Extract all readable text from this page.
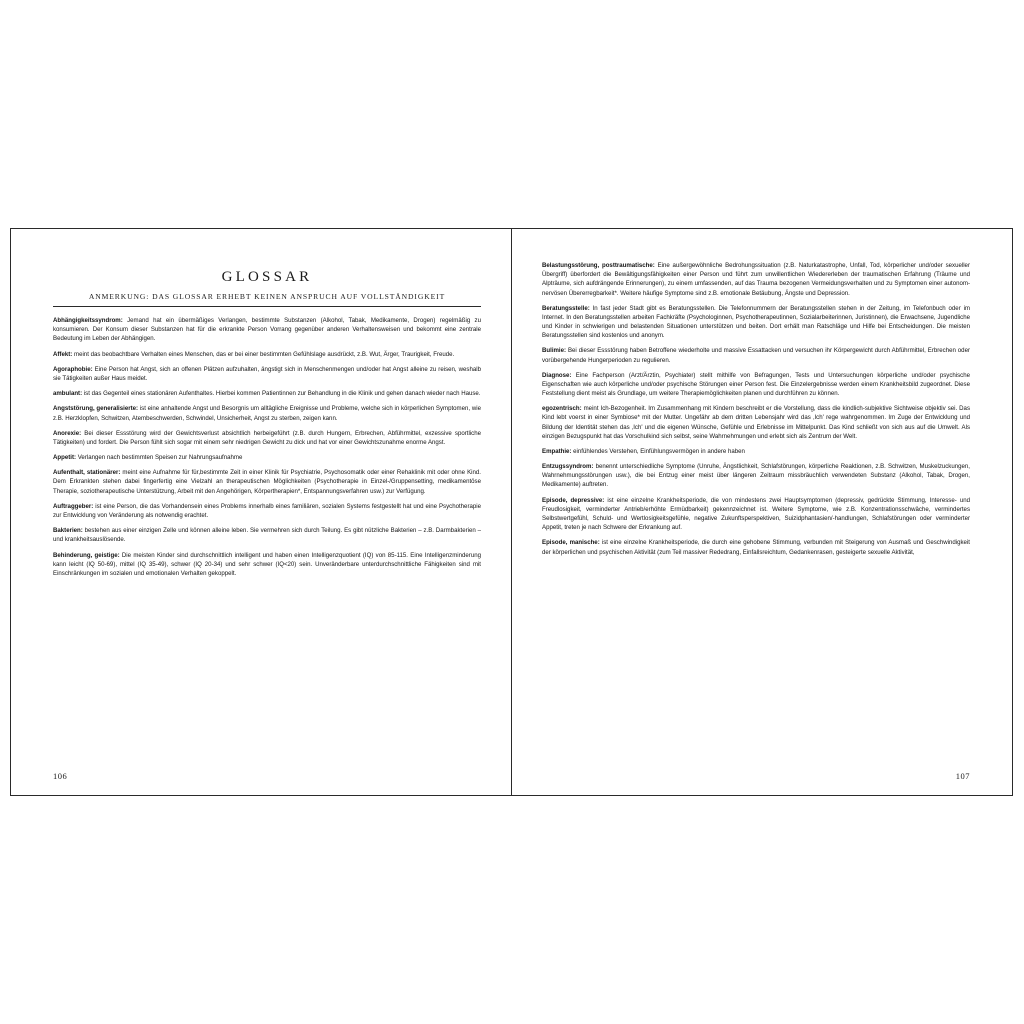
GLOSSAR
ANMERKUNG: DAS GLOSSAR ERHEBT KEINEN ANSPRUCH AUF VOLLSTÄNDIGKEIT

Abhängigkeitssyndrom: Jemand hat ein übermäßiges Verlangen, bestimmte Substanzen (Alkohol, Tabak, Medikamente, Drogen) regelmäßig zu konsumieren. Der Konsum dieser Substanzen hat für die erkrankte Person Vorrang gegenüber anderen Verhaltensweisen und bekommt eine zentrale Bedeutung im Leben der Abhängigen.

Affekt: meint das beobachtbare Verhalten eines Menschen, das er bei einer bestimmten Gefühlslage ausdrückt, z.B. Wut, Ärger, Traurigkeit, Freude.

Agoraphobie: Eine Person hat Angst, sich an offenen Plätzen aufzuhalten, ängstigt sich in Menschenmengen und/oder hat Angst alleine zu reisen, weshalb sie Tätigkeiten außer Haus meidet.

ambulant: ist das Gegenteil eines stationären Aufenthaltes. Hierbei kommen Patientinnen zur Behandlung in die Klinik und gehen danach wieder nach Hause.

Angststörung, generalisierte: ist eine anhaltende Angst und Besorgnis um alltägliche Ereignisse und Probleme, welche sich in körperlichen Symptomen, wie z.B. Herzklopfen, Schwitzen, Atembeschwerden, Schwindel, Unsicherheit, Angst zu sterben, zeigen kann.

Anorexie: Bei dieser Essstörung wird der Gewichtsverlust absichtlich herbeigeführt (z.B. durch Hungern, Erbrechen, Abführmittel, exzessive sportliche Tätigkeiten) und fordert. Die Person fühlt sich sogar mit einem sehr niedrigen Gewicht zu dick und hat vor einer Gewichtszunahme enorme Angst.

Appetit: Verlangen nach bestimmten Speisen zur Nahrungsaufnahme

Aufenthalt, stationärer: meint eine Aufnahme für für,bestimmte Zeit in einer Klinik für Psychiatrie, Psychosomatik oder einer Rehaklinik mit oder ohne Kind. Dem Erkrankten stehen dabei fingerfertig eine Vielzahl an therapeutischen Möglichkeiten (Psychotherapie in Einzel-/Gruppensetting, medikamentöse Therapie, soziotherapeutische Unterstützung, Arbeit mit den Angehörigen, Körpertherapien*, Entspannungsverfahren usw.) zur Verfügung.

Auftraggeber: ist eine Person, die das Vorhandensein eines Problems innerhalb eines familiären, sozialen Systems festgestellt hat und eine Psychotherapie zur Entwicklung von Veränderung als notwendig erachtet.

Bakterien: bestehen aus einer einzigen Zelle und können alleine leben. Sie vermehren sich durch Teilung. Es gibt nützliche Bakterien – z.B. Darmbakterien – und krankheitsauslösende.

Behinderung, geistige: Die meisten Kinder sind durchschnittlich intelligent und haben einen Intelligenzquotient (IQ) von 85-115. Eine Intelligenzminderung kann leicht (IQ 50-69), mittel (IQ 35-49), schwer (IQ 20-34) und sehr schwer (IQ<20) sein. Unveränderbare unterdurchschnittliche Fähigkeiten sind mit Einschränkungen im sozialen und emotionalen Verhalten gekoppelt.

106

Belastungsstörung, posttraumatische: Eine außergewöhnliche Bedrohungssituation (z.B. Naturkatastrophe, Unfall, Tod, körperlicher und/oder sexueller Übergriff) überfordert die Bewältigungsfähigkeiten einer Person und führt zum unwillentlichen Wiedererleben der traumatischen Erfahrung (Träume und Alpträume, sich aufdrängende Erinnerungen), zu einem umfassenden, auf das Trauma bezogenen Vermeidungsverhalten und zu Symptomen einer autonom-nervösen Übererregbarkeit*. Weitere häufige Symptome sind z.B. emotionale Betäubung, Ängste und Depression.

Beratungsstelle: In fast jeder Stadt gibt es Beratungsstellen. Die Telefonnummern der Beratungsstellen stehen in der Zeitung, im Telefonbuch oder im Internet. In den Beratungsstellen arbeiten Fachkräfte (Psychologinnen, Psychotherapeutinnen, Sozialarbeiterinnen, Juristinnen), die Erwachsene, Jugendliche und Kinder in schwierigen und belastenden Situationen unterstützen und beiten. Dort erhält man Ratschläge und Hilfe bei Entscheidungen. Die meisten Beratungsstellen sind kostenlos und anonym.

Bulimie: Bei dieser Essstörung haben Betroffene wiederholte und massive Essattacken und versuchen ihr Körpergewicht durch Abführmittel, Erbrechen oder vorübergehende Hungerperioden zu regulieren.

Diagnose: Eine Fachperson (Arzt/Ärztin, Psychiater) stellt mithilfe von Befragungen, Tests und Untersuchungen körperliche und/oder psychische Eigenschaften wie auch körperliche und/oder psychische Störungen einer Person fest. Die Einzelergebnisse werden einem Krankheitsbild zugeordnet. Diese Feststellung dient meist als Grundlage, um weitere Therapiemöglichkeiten planen und durchführen zu können.

egozentrisch: meint Ich-Bezogenheit. Im Zusammenhang mit Kindern beschreibt er die Vorstellung, dass die kindlich-subjektive Sichtweise objektiv sei. Das Kind lebt voerst in einer Symbiose* mit der Mutter. Ungefähr ab dem dritten Lebensjahr wird das ‚Ich' rege wahrgenommen. Im Zuge der Entwicklung und Bildung der Identität stehen das ‚Ich' und die eigenen Wünsche, Gefühle und Erlebnisse im Mittelpunkt. Das Kind schließt von sich aus auf die Umwelt. Als einzigen Bezugspunkt hat das Vorschulkind sich selbst, seine Wahrnehmungen und erlebt sich als Zentrum der Welt.

Empathie: einfühlendes Verstehen, Einfühlungsvermögen in andere haben

Entzugssyndrom: benennt unterschiedliche Symptome (Unruhe, Ängstlichkeit, Schlafstörungen, körperliche Reaktionen, z.B. Schwitzen, Muskelzuckungen, Wahrnehmungsstörungen usw.), die bei Entzug einer meist über längeren Zeitraum missbräuchlich verwendeten Substanz (Alkohol, Tabak, Drogen, Medikamente) auftreten.

Episode, depressive: ist eine einzelne Krankheitsperiode, die von mindestens zwei Hauptsymptomen (depressiv, gedrückte Stimmung, Interesse- und Freudlosigkeit, verminderter Antrieb/erhöhte Ermüdbarkeit) gekennzeichnet ist. Weitere Symptome, wie z.B. Konzentrationsschwäche, vermindertes Selbstwertgefühl, Schuld- und Wertlosigkeitsgefühle, negative Zukunftsperspektiven, Suizidphantasien/-handlungen, Schlafstörungen oder verminderter Appetit, treten je nach Schwere der Erkrankung auf.

Episode, manische: ist eine einzelne Krankheitsperiode, die durch eine gehobene Stimmung, verbunden mit Steigerung von Ausmaß und Geschwindigkeit der körperlichen und psychischen Aktivität (zum Teil massiver Rededrang, Einfallsreichtum, Gedankenrasen, gesteigerte sexuelle Aktivität,

107
